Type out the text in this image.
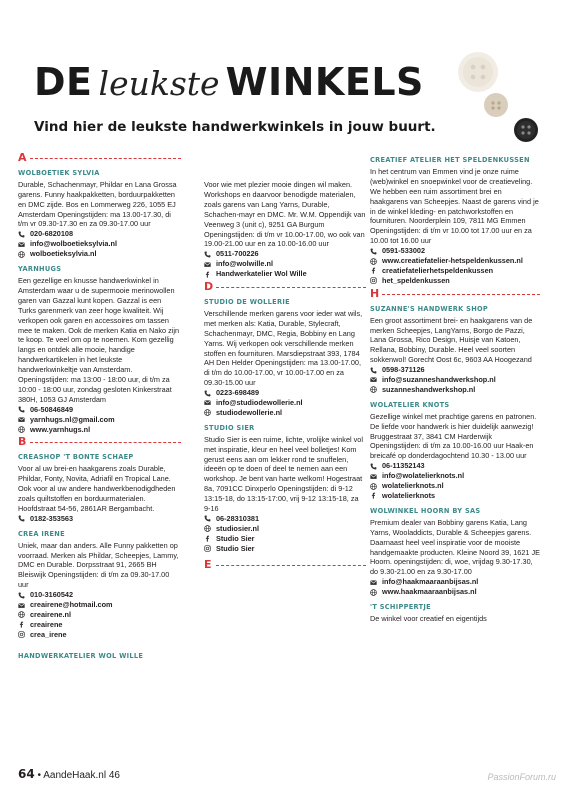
DE leukste WINKELS
Vind hier de leukste handwerkwinkels in jouw buurt.
A
WOLBOETIEK SYLVIA

Durable, Schachenmayr, Phildar en Lana Grossa garens. Funny haakpakketten, borduurpakketten en DMC zijde. Bos en Lommerweg 226, 1055 EJ Amsterdam Openingstijden: ma 13.00-17.30, di t/m vr 09.30-17.30 en za 09.30-17.00 uur

020-6820108
info@wolboetieksylvia.nl
wolboetieksylvia.nl
YARNHUGS

Een gezellige en knusse handwerkwinkel in Amsterdam waar u de supermooie merinowollen garen van Gazzal kunt kopen. Gazzal is een Turks garenmerk van zeer hoge kwaliteit. Wij verkopen ook garen en accessoires om tassen mee te maken. Ook de merken Katia en Nako zijn te koop. Te veel om op te noemen. Kom gezellig langs en ontdek alle mooie, handige handwerkartikelen in het leukste handwerkwinkeltje van Amsterdam. Openingstijden: ma 13:00 - 18:00 uur, di t/m za 10:00 - 18:00 uur, zondag gesloten Kinkerstraat 380H, 1053 GJ Amsterdam

06-50846849
yarnhugs.nl@gmail.com
www.yarnhugs.nl
B
CREASHOP 'T BONTE SCHAEP

Voor al uw brei-en haakgarens zoals Durable, Phildar, Fonty, Novita, Adriafil en Tropical Lane. Ook voor al uw andere handwerkbenodigdheden zoals quiltstoffen en borduurmaterialen. Hoofdstraat 54-56, 2861AR Bergambacht.

0182-353563
CREA IRENE

Uniek, maar dan anders. Alle Funny pakketten op voorraad. Merken als Phildar, Scheepjes, Lammy, DMC en Durable. Dorpsstraat 91, 2665 BH Bleiswijk Openingstijden: di t/m za 09.30-17.00 uur

010-3160542
creairene@hotmail.com
creairene.nl
creairene
crea_irene
HANDWERKATELIER WOL WILLE

Voor wie met plezier mooie dingen wil maken. Workshops en daarvoor benodigde materialen, zoals garens van Lang Yarns, Durable, Schachen-mayr en DMC. Mr. W.M. Oppendijk van Veenweg 3 (unit c), 9251 GA Burgum Openingstijden: di t/m vr 10.00-17.00, wo ook van 19.00-21.00 uur en za 10.00-16.00 uur

0511-700226
info@wolwille.nl
Handwerkatelier Wol Wille
D
STUDIO DE WOLLERIE

Verschillende merken garens voor ieder wat wils, met merken als: Katia, Durable, Stylecraft, Schachenmayr, DMC, Regia, Bobbiny en Lang Yarns. Wij verkopen ook verschillende merken stoffen en fournituren. Marsdiepstraat 393, 1784 AH Den Helder Openingstijden: ma 13.00-17.00, di t/m do 10.00-17.00, vr 10.00-17.00 en za 09.30-15.00 uur

0223-698489
info@studiodewollerie.nl
studiodewollerie.nl
STUDIO SIER

Studio Sier is een ruime, lichte, vrolijke winkel vol met inspiratie, kleur en heel veel bolletjes! Kom gerust eens aan om lekker rond te snuffelen, ideeën op te doen of deel te nemen aan een workshop. Je bent van harte welkom! Hogestraat 8a, 7091CC Dinxperlo Openingstijden: di 9-12 13:15-18, do 13:15-17:00, vrij 9-12 13:15-18, za 9-16

06-28310381
studiosier.nl
Studio Sier
Studio Sier
E
CREATIEF ATELIER HET SPELDENKUSSEN

In het centrum van Emmen vind je onze ruime (web)winkel en snoepwinkel voor de creatieveling. We hebben een ruim assortiment brei en haakgarens van Scheepjes. Naast de garens vind je in de winkel kleding- en patchworkstoffen en fournituren. Noorderplein 109, 7811 MG Emmen Openingstijden: di t/m vr 10.00 tot 17.00 uur en za 10.00 tot 16.00 uur

0591-533002
www.creatiefatelier-hetspeldenkussen.nl
creatiefatelierhetspeldenkussen
het_speldenkussen
H
SUZANNE'S HANDWERK SHOP

Een groot assortiment brei- en haakgarens van de merken Scheepjes, LangYarns, Borgo de Pazzi, Lana Grossa, Rico Design, Huisje van Katoen, Rellana, Bobbiny, Durable. Heel veel soorten sokkenwol! Gorecht Oost 6c, 9603 AA Hoogezand

0598-371126
info@suzanneshandwerkshop.nl
suzanneshandwerkshop.nl
WOLATELIER KNOTS

Gezellige winkel met prachtige garens en patronen. De liefde voor handwerk is hier duidelijk aanwezig! Bruggestraat 37, 3841 CM Harderwijk Openingstijden: di t/m za 10.00-16.00 uur Haak-en breicafé op donderdagochtend 10.30 - 13.00 uur

06-11352143
info@wolatelierknots.nl
wolatelierknots.nl
wolatelierknots
WOLWINKEL HOORN BY SAS

Premium dealer van Bobbiny garens Katia, Lang Yarns, Wooladdicts, Durable & Scheepjes garens. Daarnaast heel veel inspiratie voor de mooiste handgemaakte producten. Kleine Noord 39, 1621 JE Hoorn. openingstijden: di, woe, vrijdag 9.30-17.30, do 9.30-21.00 en za 9.30-17.00

info@haakmaaraanbijsas.nl
www.haakmaaraanbijsas.nl
'T SCHIPPERTJE

De winkel voor creatief en eigentijds

64 • AandeHaak.nl 46	PassionForum.ru
